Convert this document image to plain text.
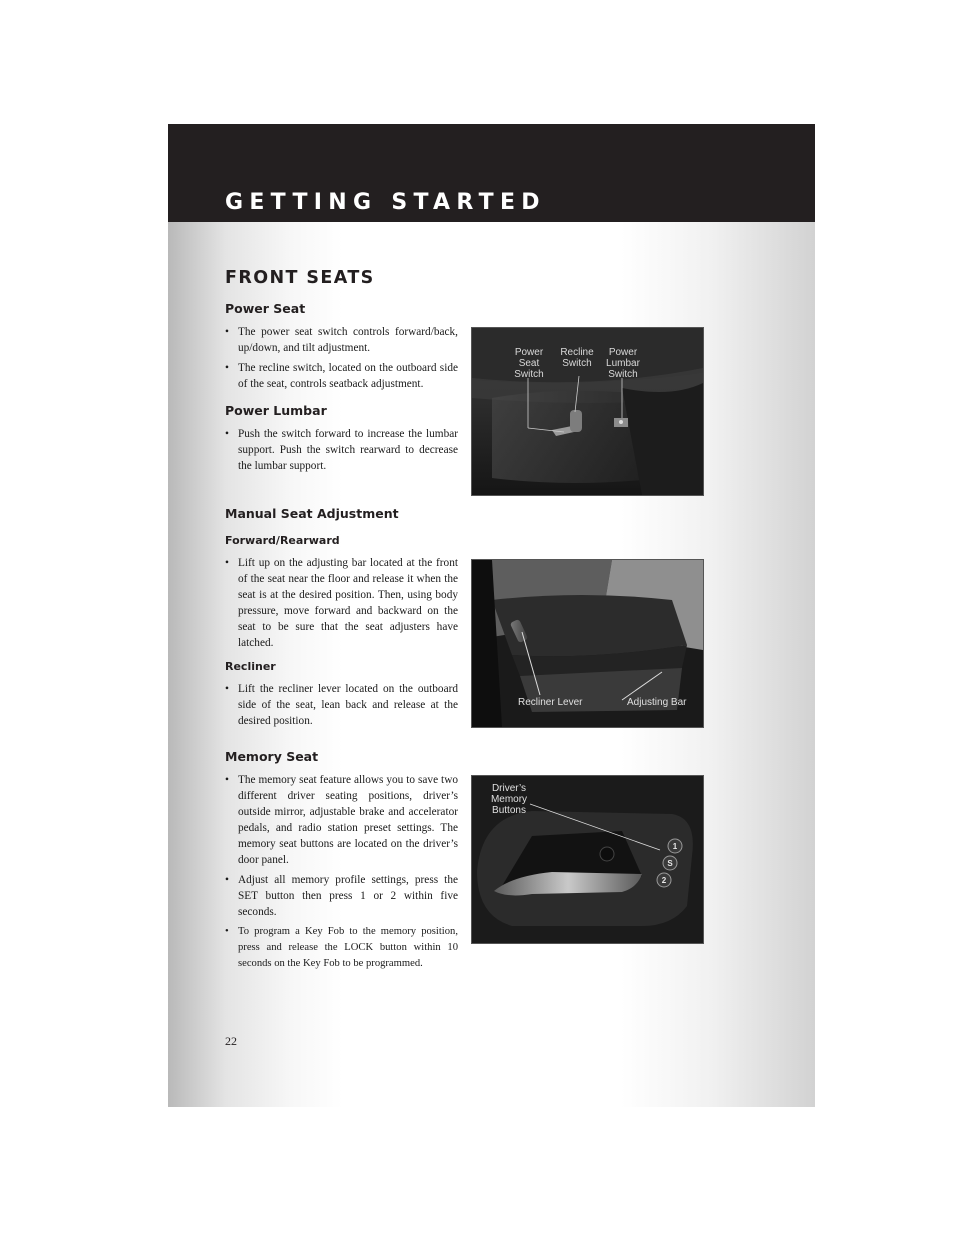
GETTING STARTED
FRONT SEATS
Power Seat
• The power seat switch controls forward/back, up/down, and tilt adjustment.
• The recline switch, located on the outboard side of the seat, controls seatback adjustment.
Power Lumbar
• Push the switch forward to increase the lumbar support. Push the switch rearward to decrease the lumbar support.
Manual Seat Adjustment
Forward/Rearward
• Lift up on the adjusting bar located at the front of the seat near the floor and release it when the seat is at the desired position. Then, using body pressure, move forward and backward on the seat to be sure that the seat adjusters have latched.
Recliner
• Lift the recliner lever located on the outboard side of the seat, lean back and release at the desired position.
Memory Seat
• The memory seat feature allows you to save two different driver seating positions, driver’s outside mirror, adjustable brake and accelerator pedals, and radio station preset settings. The memory seat buttons are located on the driver’s door panel.
• Adjust all memory profile settings, press the SET button then press 1 or 2 within five seconds.
• To program a Key Fob to the memory position, press and release the LOCK button within 10 seconds on the Key Fob to be programmed.
Power
Seat
Switch
Recline
Switch
Power
Lumbar
Switch
Recliner Lever	Adjusting Bar
1
S
2
Driver’s
Memory
Buttons
22
